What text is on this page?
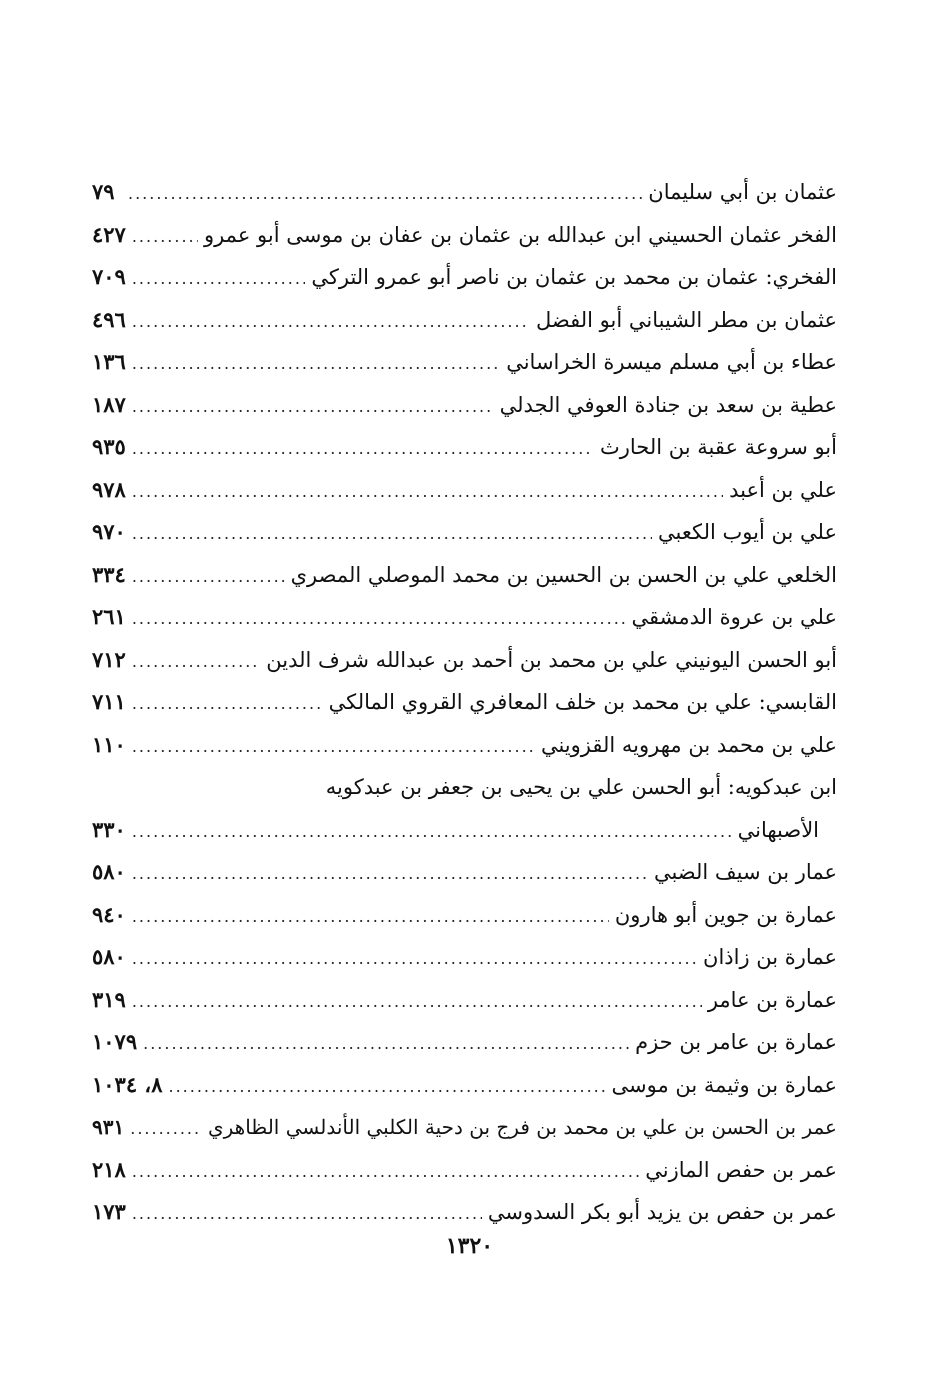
عثمان بن أبي سليمان
.....
٧٩
الفخر عثمان الحسيني ابن عبدالله بن عثمان بن عفان بن موسى أبو عمرو
.....
٤٢٧
الفخري: عثمان بن محمد بن عثمان بن ناصر أبو عمرو التركي
.....
٧٠٩
عثمان بن مطر الشيباني أبو الفضل
.....
٤٩٦
عطاء بن أبي مسلم ميسرة الخراساني
.....
١٣٦
عطية بن سعد بن جنادة العوفي الجدلي
.....
١٨٧
أبو سروعة عقبة بن الحارث
.....
٩٣٥
علي بن أعبد
.....
٩٧٨
علي بن أيوب الكعبي
.....
٩٧٠
الخلعي علي بن الحسن بن الحسين بن محمد الموصلي المصري
.....
٣٣٤
علي بن عروة الدمشقي
.....
٢٦١
أبو الحسن اليونيني علي بن محمد بن أحمد بن عبدالله شرف الدين
.....
٧١٢
القابسي: علي بن محمد بن خلف المعافري القروي المالكي
.....
٧١١
علي بن محمد بن مهرويه القزويني
.....
١١٠
ابن عبدكويه: أبو الحسن علي بن يحيى بن جعفر بن عبدكويه
الأصبهاني
.....
٣٣٠
عمار بن سيف الضبي
.....
٥٨٠
عمارة بن جوين أبو هارون
.....
٩٤٠
عمارة بن زاذان
.....
٥٨٠
عمارة بن عامر
.....
٣١٩
عمارة بن عامر بن حزم
.....
١٠٧٩
عمارة بن وثيمة بن موسى
.....
٨، ١٠٣٤
عمر بن الحسن بن علي بن محمد بن فرج بن دحية الكلبي الأندلسي الظاهري
.....
٩٣١
عمر بن حفص المازني
.....
٢١٨
عمر بن حفص بن يزيد أبو بكر السدوسي
.....
١٧٣
١٣٢٠
